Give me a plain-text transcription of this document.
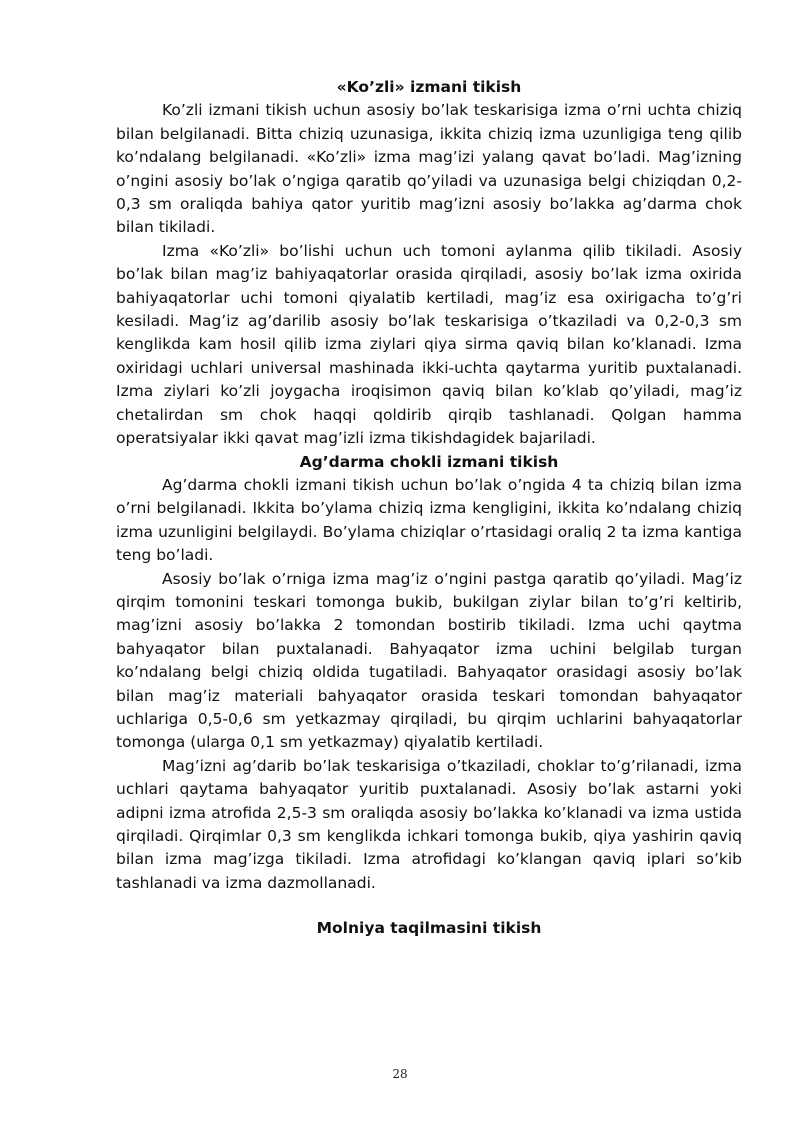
«Ko’zli» izmani tikish

Ko’zli izmani tikish uchun asosiy bo’lak teskarisiga izma o’rni uchta chiziq bilan belgilanadi. Bitta chiziq uzunasiga, ikkita chiziq izma uzunligiga teng qilib ko’ndalang belgilanadi. «Ko’zli» izma mag’izi yalang qavat bo’ladi. Mag’izning o’ngini asosiy bo’lak o’ngiga qaratib qo’yiladi va uzunasiga belgi chiziqdan 0,2-0,3 sm oraliqda bahiya qator yuritib mag’izni asosiy bo’lakka ag’darma chok bilan tikiladi.

Izma «Ko’zli» bo’lishi uchun uch tomoni aylanma qilib tikiladi. Asosiy bo’lak bilan mag’iz bahiyaqatorlar orasida qirqiladi, asosiy bo’lak izma oxirida bahiyaqatorlar uchi tomoni qiyalatib kertiladi, mag’iz esa oxirigacha to’g’ri kesiladi. Mag’iz ag’darilib asosiy bo’lak teskarisiga o’tkaziladi va 0,2-0,3 sm kenglikda kam hosil qilib izma ziylari qiya sirma qaviq bilan ko’klanadi. Izma oxiridagi uchlari universal mashinada ikki-uchta qaytarma yuritib puxtalanadi. Izma ziylari ko’zli joygacha iroqisimon qaviq bilan ko’klab qo’yiladi, mag’iz chetalirdan sm chok haqqi qoldirib qirqib tashlanadi. Qolgan hamma operatsiyalar ikki qavat mag’izli izma tikishdagidek bajariladi.

Ag’darma chokli izmani tikish

Ag’darma chokli izmani tikish uchun bo’lak o’ngida 4 ta chiziq bilan izma o’rni belgilanadi. Ikkita bo’ylama chiziq izma kengligini, ikkita ko’ndalang chiziq izma uzunligini belgilaydi. Bo’ylama chiziqlar o’rtasidagi oraliq 2 ta izma kantiga teng bo’ladi.

Asosiy bo’lak o’rniga izma mag’iz o’ngini pastga qaratib qo’yiladi. Mag’iz qirqim tomonini teskari tomonga bukib, bukilgan ziylar bilan to’g’ri keltirib, mag’izni asosiy bo’lakka 2 tomondan bostirib tikiladi. Izma uchi qaytma bahyaqator bilan puxtalanadi. Bahyaqator izma uchini belgilab turgan ko’ndalang belgi chiziq oldida tugatiladi. Bahyaqator orasidagi asosiy bo’lak bilan mag’iz materiali bahyaqator orasida teskari tomondan bahyaqator uchlariga 0,5-0,6 sm yetkazmay qirqiladi, bu qirqim uchlarini bahyaqatorlar tomonga (ularga 0,1 sm yetkazmay) qiyalatib kertiladi.

Mag’izni ag’darib bo’lak teskarisiga o’tkaziladi, choklar to’g’rilanadi, izma uchlari qaytama bahyaqator yuritib puxtalanadi. Asosiy bo’lak astarni yoki adipni izma atrofida 2,5-3 sm oraliqda asosiy bo’lakka ko’klanadi va izma ustida qirqiladi. Qirqimlar 0,3 sm kenglikda ichkari tomonga bukib, qiya yashirin qaviq bilan izma mag’izga tikiladi. Izma atrofidagi ko’klangan qaviq iplari so’kib tashlanadi va izma dazmollanadi.

Molniya taqilmasini tikish
28
